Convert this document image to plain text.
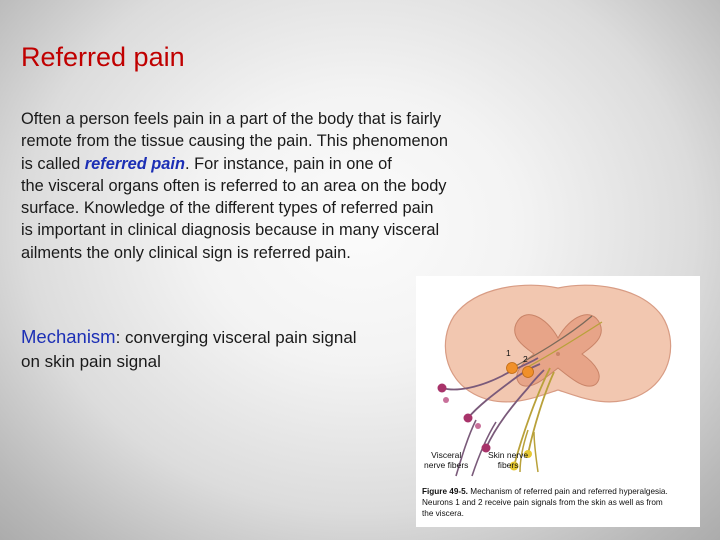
Referred pain
Often a person feels pain in a part of the body that is fairly
remote from the tissue causing the pain. This phenomenon
is called referred pain. For instance, pain in one of
the visceral organs often is referred to an area on the body
surface. Knowledge of the different types of referred pain
is important in clinical diagnosis because in many visceral
ailments the only clinical sign is referred pain.
Mechanism: converging visceral pain signal
on skin pain signal	1
2
Visceral
nerve fibers
Skin nerve
fibers
Figure 49-5. Mechanism of referred pain and referred hyperalgesia.
Neurons 1 and 2 receive pain signals from the skin as well as from
the viscera.
